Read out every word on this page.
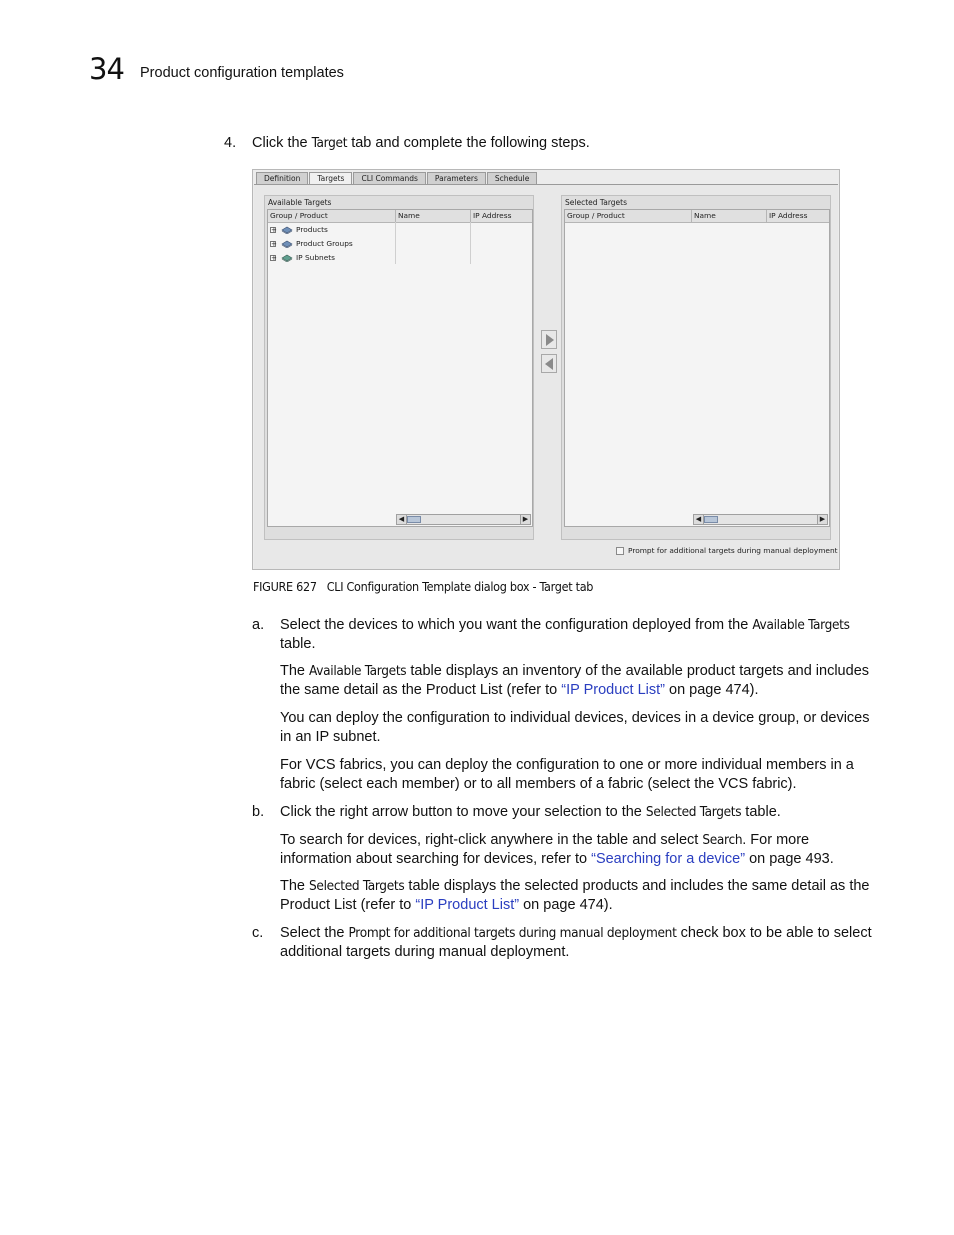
34 Product configuration templates
4. Click the Target tab and complete the following steps.
Definition	Targets	CLI Commands	Parameters	Schedule
Available Targets
Group / Product	Name	IP Address
+	Products
+	Product Groups
+	IP Subnets
◀	▶
Selected Targets
Group / Product	Name	IP Address
◀	▶
Prompt for additional targets during manual deployment
FIGURE 627 CLI Configuration Template dialog box - Target tab
a. Select the devices to which you want the configuration deployed from the Available Targets table.
The Available Targets table displays an inventory of the available product targets and includes the same detail as the Product List (refer to “IP Product List” on page 474).
You can deploy the configuration to individual devices, devices in a device group, or devices in an IP subnet.
For VCS fabrics, you can deploy the configuration to one or more individual members in a fabric (select each member) or to all members of a fabric (select the VCS fabric).
b. Click the right arrow button to move your selection to the Selected Targets table.
To search for devices, right-click anywhere in the table and select Search. For more information about searching for devices, refer to “Searching for a device” on page 493.
The Selected Targets table displays the selected products and includes the same detail as the Product List (refer to “IP Product List” on page 474).
c. Select the Prompt for additional targets during manual deployment check box to be able to select additional targets during manual deployment.
